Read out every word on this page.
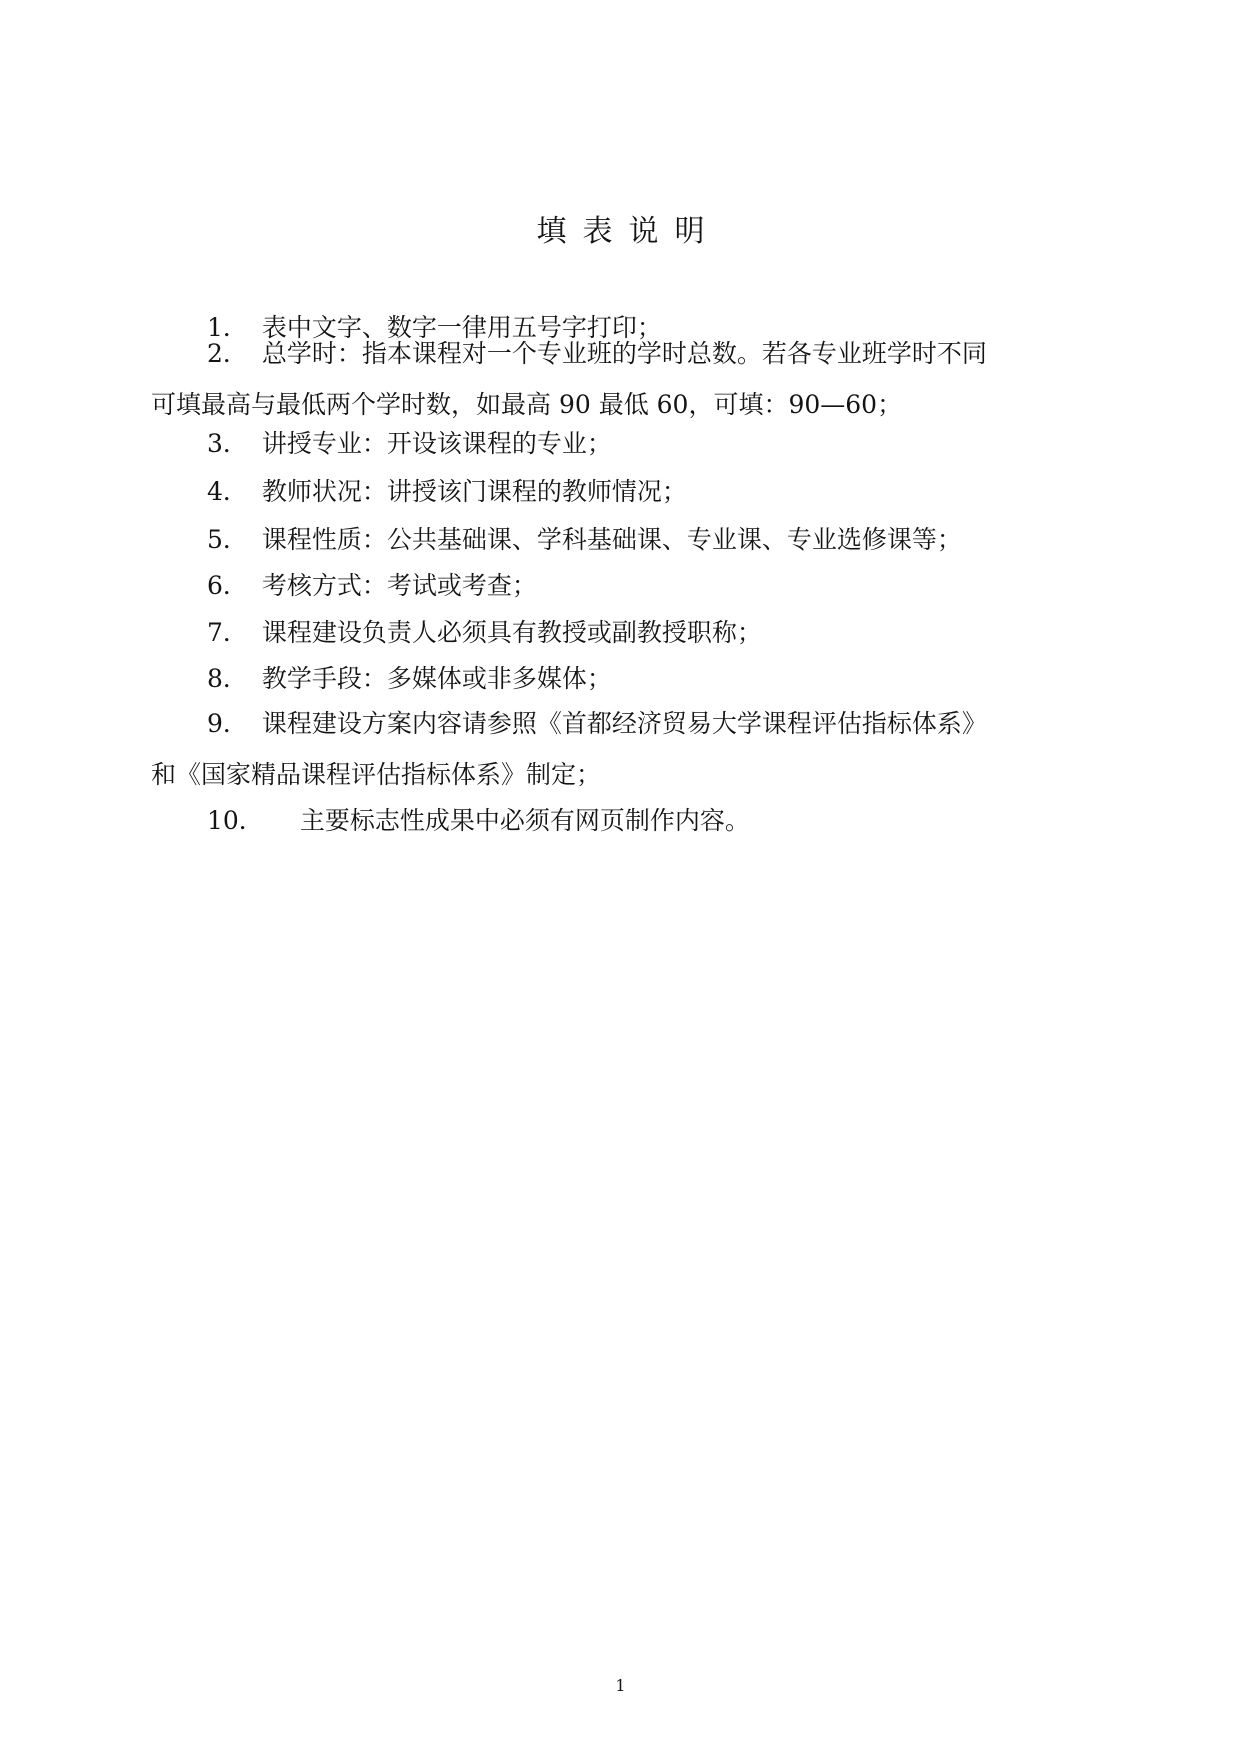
填表说明
1． 表中文字、数字一律用五号字打印；
2． 总学时：指本课程对一个专业班的学时总数。若各专业班学时不同
可填最高与最低两个学时数，如最高 90 最低 60，可填：90—60；
3． 讲授专业：开设该课程的专业；
4． 教师状况：讲授该门课程的教师情况；
5． 课程性质：公共基础课、学科基础课、专业课、专业选修课等；
6． 考核方式：考试或考查；
7． 课程建设负责人必须具有教授或副教授职称；
8． 教学手段：多媒体或非多媒体；
9． 课程建设方案内容请参照《首都经济贸易大学课程评估指标体系》
和《国家精品课程评估指标体系》制定；
10． 主要标志性成果中必须有网页制作内容。
1
